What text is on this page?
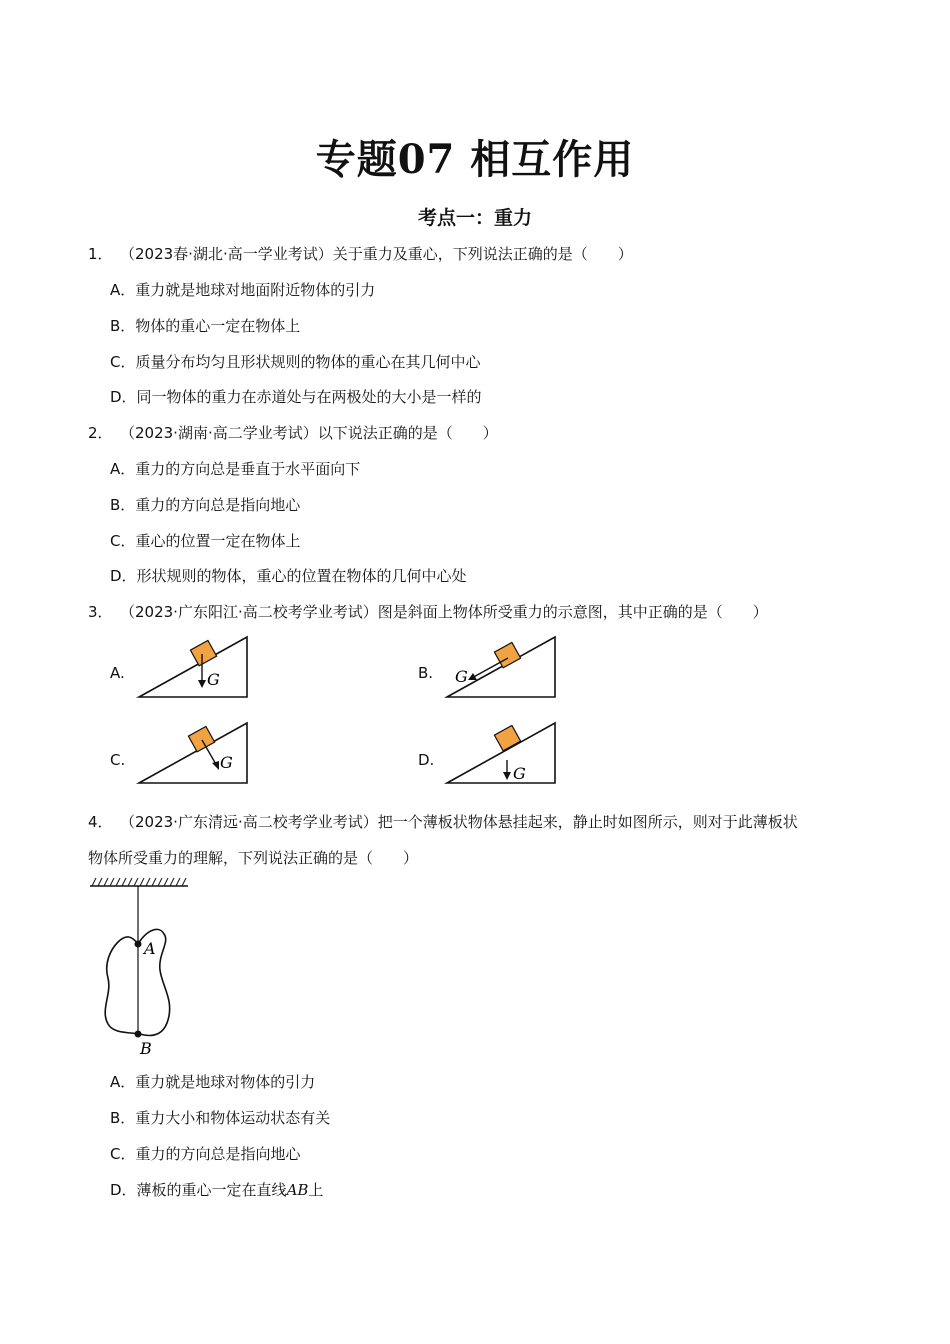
专题07 相互作用
考点一：重力
1． （2023春·湖北·高一学业考试）关于重力及重心，下列说法正确的是（　　）
A．重力就是地球对地面附近物体的引力
B．物体的重心一定在物体上
C．质量分布均匀且形状规则的物体的重心在其几何中心
D．同一物体的重力在赤道处与在两极处的大小是一样的
2． （2023·湖南·高二学业考试）以下说法正确的是（　　）
A．重力的方向总是垂直于水平面向下
B．重力的方向总是指向地心
C．重心的位置一定在物体上
D．形状规则的物体，重心的位置在物体的几何中心处
3． （2023·广东阳江·高二校考学业考试）图是斜面上物体所受重力的示意图，其中正确的是（　　）
A.	G	B. G
C.	G	D.
G
4． （2023·广东清远·高二校考学业考试）把一个薄板状物体悬挂起来，静止时如图所示，则对于此薄板状
物体所受重力的理解，下列说法正确的是（　　）
A
B
A．重力就是地球对物体的引力
B．重力大小和物体运动状态有关
C．重力的方向总是指向地心
D．薄板的重心一定在直线AB上
